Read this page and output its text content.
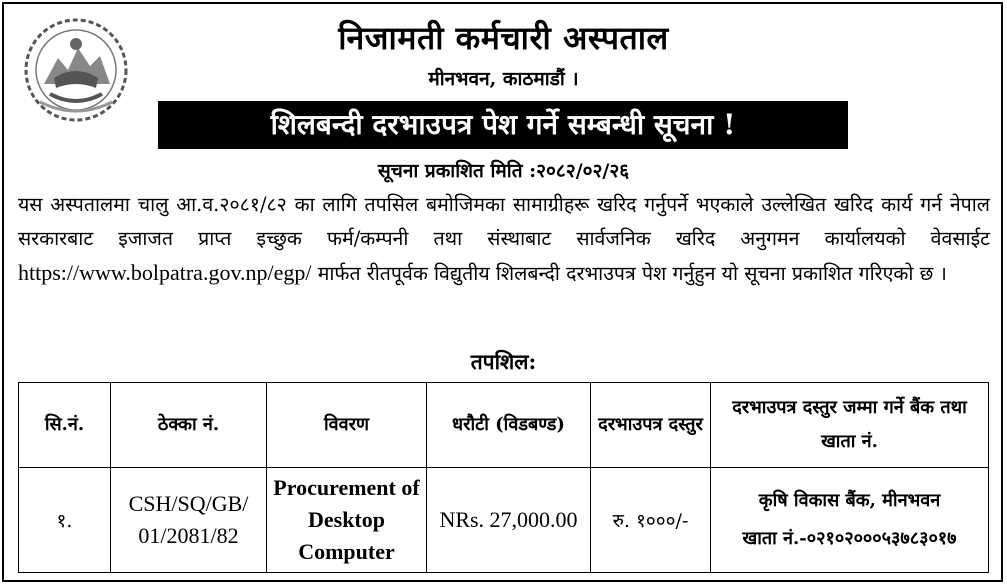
निजामती कर्मचारी अस्पताल
मीनभवन, काठमाडौं ।
शिलबन्दी दरभाउपत्र पेश गर्ने सम्बन्धी सूचना !
सूचना प्रकाशित मिति :२०८२/०२/२६
यस अस्पतालमा चालु आ.व.२०८१/८२ का लागि तपसिल बमोजिमका सामाग्रीहरू खरिद गर्नुपर्ने भएकाले उल्लेखित खरिद कार्य गर्न नेपाल सरकारबाट इजाजत प्राप्त इच्छुक फर्म/कम्पनी तथा संस्थाबाट सार्वजनिक खरिद अनुगमन कार्यालयको वेवसाईट https://www.bolpatra.gov.np/egp/ मार्फत रीतपूर्वक विद्युतीय शिलबन्दी दरभाउपत्र पेश गर्नुहुन यो सूचना प्रकाशित गरिएको छ ।
तपशिल:
सि.नं.	ठेक्का नं.	विवरण	धरौटी (विडबण्ड)	दरभाउपत्र दस्तुर	दरभाउपत्र दस्तुर जम्मा गर्ने बैंक तथा खाता नं.
१.	CSH/SQ/GB/ 01/2081/82	Procurement of Desktop Computer	NRs. 27,000.00	रु. १०००/-	कृषि विकास बैंक, मीनभवन
खाता नं.-०२१०२०००५३७८३०१७
